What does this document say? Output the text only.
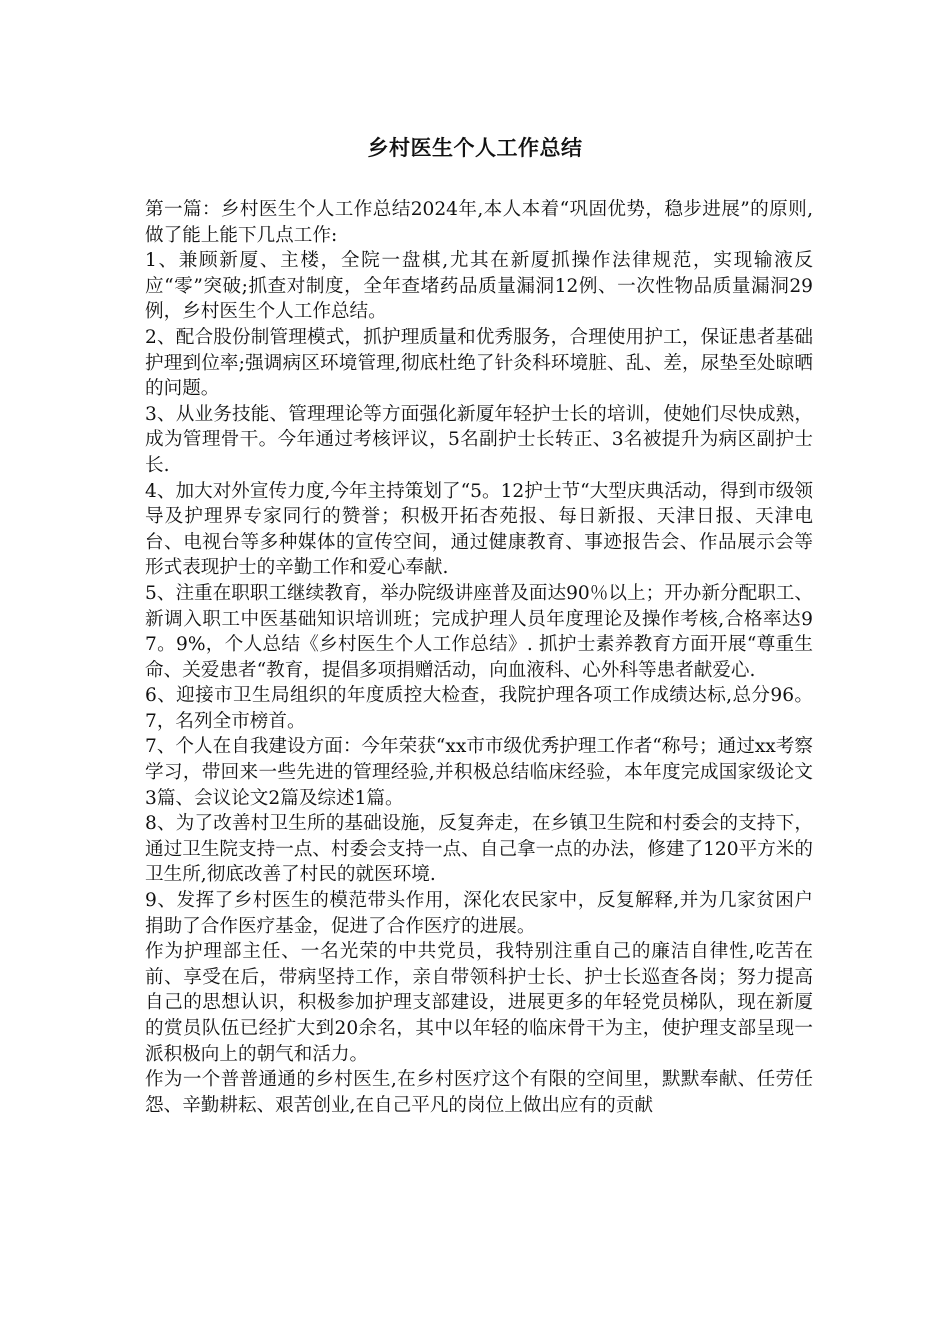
乡村医生个人工作总结

第一篇：乡村医生个人工作总结2024年,本人本着“巩固优势，稳步进展”的原则,做了能上能下几点工作:

1、兼顾新厦、主楼，全院一盘棋,尤其在新厦抓操作法律规范，实现输液反应“零”突破;抓查对制度，全年查堵药品质量漏洞12例、一次性物品质量漏洞29例，乡村医生个人工作总结。

2、配合股份制管理模式，抓护理质量和优秀服务，合理使用护工，保证患者基础护理到位率;强调病区环境管理,彻底杜绝了针灸科环境脏、乱、差，尿垫至处晾晒的问题。

3、从业务技能、管理理论等方面强化新厦年轻护士长的培训，使她们尽快成熟，成为管理骨干。今年通过考核评议，5名副护士长转正、3名被提升为病区副护士长.

4、加大对外宣传力度,今年主持策划了“5。12护士节“大型庆典活动，得到市级领导及护理界专家同行的赞誉；积极开拓杏苑报、每日新报、天津日报、天津电台、电视台等多种媒体的宣传空间，通过健康教育、事迹报告会、作品展示会等形式表现护士的辛勤工作和爱心奉献.

5、注重在职职工继续教育，举办院级讲座普及面达90％以上；开办新分配职工、新调入职工中医基础知识培训班；完成护理人员年度理论及操作考核,合格率达97。9%，个人总结《乡村医生个人工作总结》. 抓护士素养教育方面开展“尊重生命、关爱患者“教育，提倡多项捐赠活动，向血液科、心外科等患者献爱心.

6、迎接市卫生局组织的年度质控大检查，我院护理各项工作成绩达标,总分96。7，名列全市榜首。

7、个人在自我建设方面：今年荣获“xx市市级优秀护理工作者“称号；通过xx考察学习，带回来一些先进的管理经验,并积极总结临床经验，本年度完成国家级论文3篇、会议论文2篇及综述1篇。

8、为了改善村卫生所的基础设施，反复奔走，在乡镇卫生院和村委会的支持下，通过卫生院支持一点、村委会支持一点、自己拿一点的办法，修建了120平方米的卫生所,彻底改善了村民的就医环境.

9、发挥了乡村医生的模范带头作用，深化农民家中，反复解释,并为几家贫困户捐助了合作医疗基金，促进了合作医疗的进展。

作为护理部主任、一名光荣的中共党员，我特别注重自己的廉洁自律性,吃苦在前、享受在后，带病坚持工作，亲自带领科护士长、护士长巡查各岗；努力提高自己的思想认识，积极参加护理支部建设，进展更多的年轻党员梯队，现在新厦的赏员队伍已经扩大到20余名，其中以年轻的临床骨干为主，使护理支部呈现一派积极向上的朝气和活力。

作为一个普普通通的乡村医生,在乡村医疗这个有限的空间里，默默奉献、任劳任怨、辛勤耕耘、艰苦创业,在自己平凡的岗位上做出应有的贡献
